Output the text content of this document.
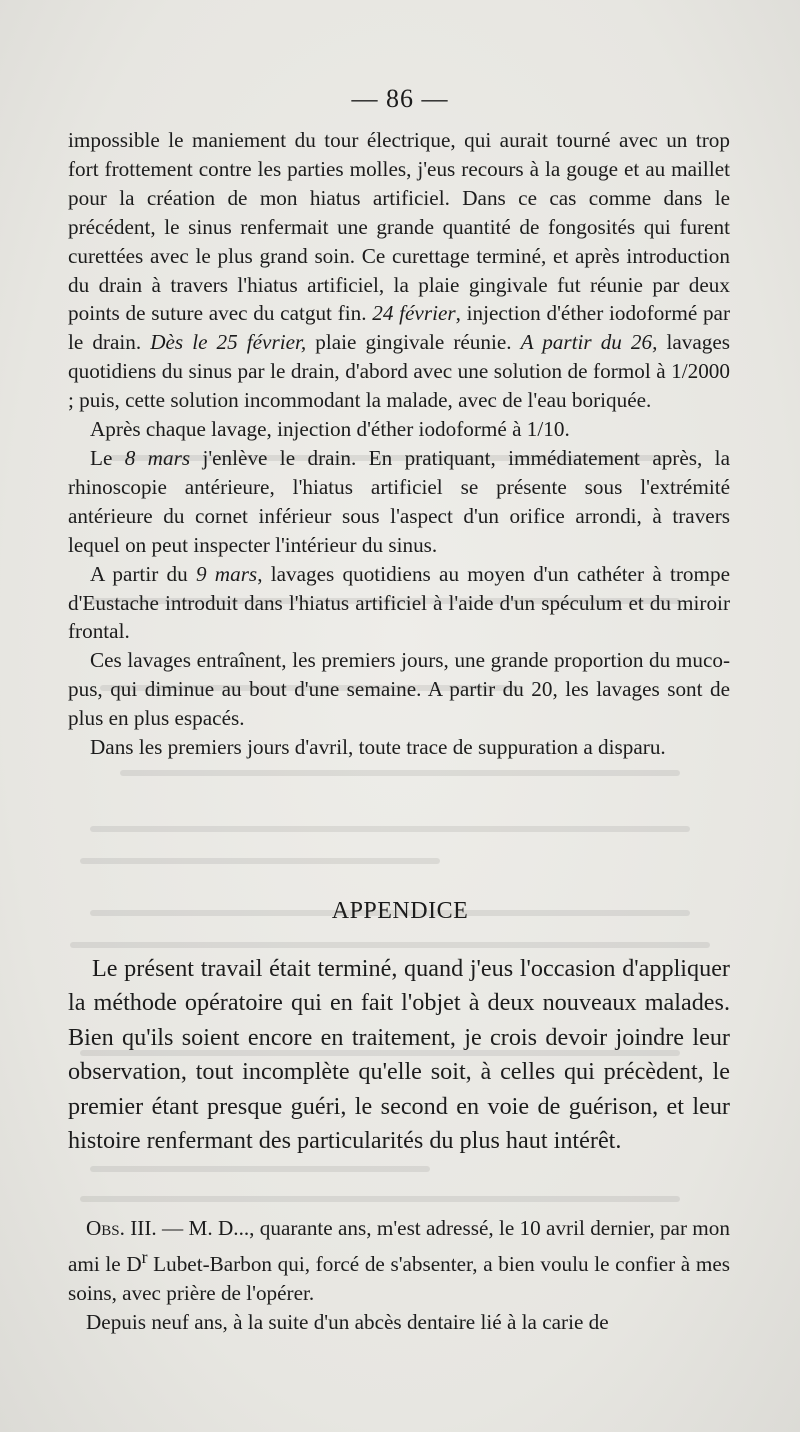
— 86 —

impossible le maniement du tour électrique, qui aurait tourné avec un trop fort frottement contre les parties molles, j'eus recours à la gouge et au maillet pour la création de mon hiatus artificiel. Dans ce cas comme dans le précédent, le sinus renfermait une grande quantité de fongosités qui furent curettées avec le plus grand soin. Ce curettage terminé, et après introduction du drain à travers l'hiatus artificiel, la plaie gingivale fut réunie par deux points de suture avec du catgut fin. 24 février, injection d'éther iodoformé par le drain. Dès le 25 février, plaie gingivale réunie. A partir du 26, lavages quotidiens du sinus par le drain, d'abord avec une solution de formol à 1/2000 ; puis, cette solution incommodant la malade, avec de l'eau boriquée.

Après chaque lavage, injection d'éther iodoformé à 1/10.

Le 8 mars j'enlève le drain. En pratiquant, immédiatement après, la rhinoscopie antérieure, l'hiatus artificiel se présente sous l'extrémité antérieure du cornet inférieur sous l'aspect d'un orifice arrondi, à travers lequel on peut inspecter l'intérieur du sinus.

A partir du 9 mars, lavages quotidiens au moyen d'un cathéter à trompe d'Eustache introduit dans l'hiatus artificiel à l'aide d'un spéculum et du miroir frontal.

Ces lavages entraînent, les premiers jours, une grande proportion du muco-pus, qui diminue au bout d'une semaine. A partir du 20, les lavages sont de plus en plus espacés.

Dans les premiers jours d'avril, toute trace de suppuration a disparu.

APPENDICE

Le présent travail était terminé, quand j'eus l'occasion d'appliquer la méthode opératoire qui en fait l'objet à deux nouveaux malades. Bien qu'ils soient encore en traitement, je crois devoir joindre leur observation, tout incomplète qu'elle soit, à celles qui précèdent, le premier étant presque guéri, le second en voie de guérison, et leur histoire renfermant des particularités du plus haut intérêt.

Obs. III. — M. D..., quarante ans, m'est adressé, le 10 avril dernier, par mon ami le $D^r$ Lubet-Barbon qui, forcé de s'absenter, a bien voulu le confier à mes soins, avec prière de l'opérer.

Depuis neuf ans, à la suite d'un abcès dentaire lié à la carie de
